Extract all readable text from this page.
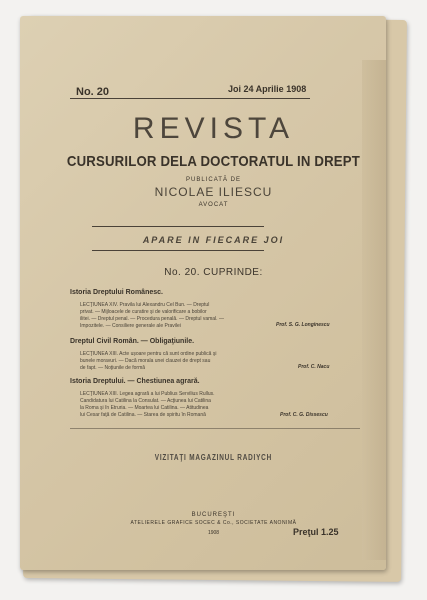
No. 20	Joi 24 Aprilie 1908
REVISTA
CURSURILOR DELA DOCTORATUL IN DREPT
PUBLICATĂ DE
NICOLAE ILIESCU
AVOCAT
APARE IN FIECARE JOI
No. 20. CUPRINDE:
Istoria Dreptului Românesc.
LECŢIUNEA XIV. Pravila lui Alexandru Cel Bun. — Dreptul
privat. — Mijloacele de curatire şi de valorificare a bobilor
ilitei. — Dreptul penal. — Procedura penală. — Dreptul vamal. —
Impozitele. — Consiliere generale ale Pravilei	Prof. S. G. Longinescu
Dreptul Civil Român. — Obligaţiunile.
LECŢIUNEA XIII. Acte ușoare pentru că sunt ordine publică şi
bunele moravuri. — Dacă morala unei clauzei de drept sau
de fapt. — Noţiunile de formă	Prof. C. Nacu
Istoria Dreptului. — Chestiunea agrară.
LECŢIUNEA XIII. Legea agrară a lui Publius Servilius Rullus.
Candidatura lui Catilina la Consulat. — Acţiunea lui Catilina
la Roma şi în Etruria. — Moartea lui Catilina. — Atitudinea
lui Cesar faţă de Catilina. — Starea de spiritu în Romană	Prof. C. G. Dissescu
VIZITAŢI MAGAZINUL RADIYCH
BUCUREŞTI
ATELIERELE GRAFICE SOCEC & Co., SOCIETATE ANONIMĂ
1908	Preţul 1.25
